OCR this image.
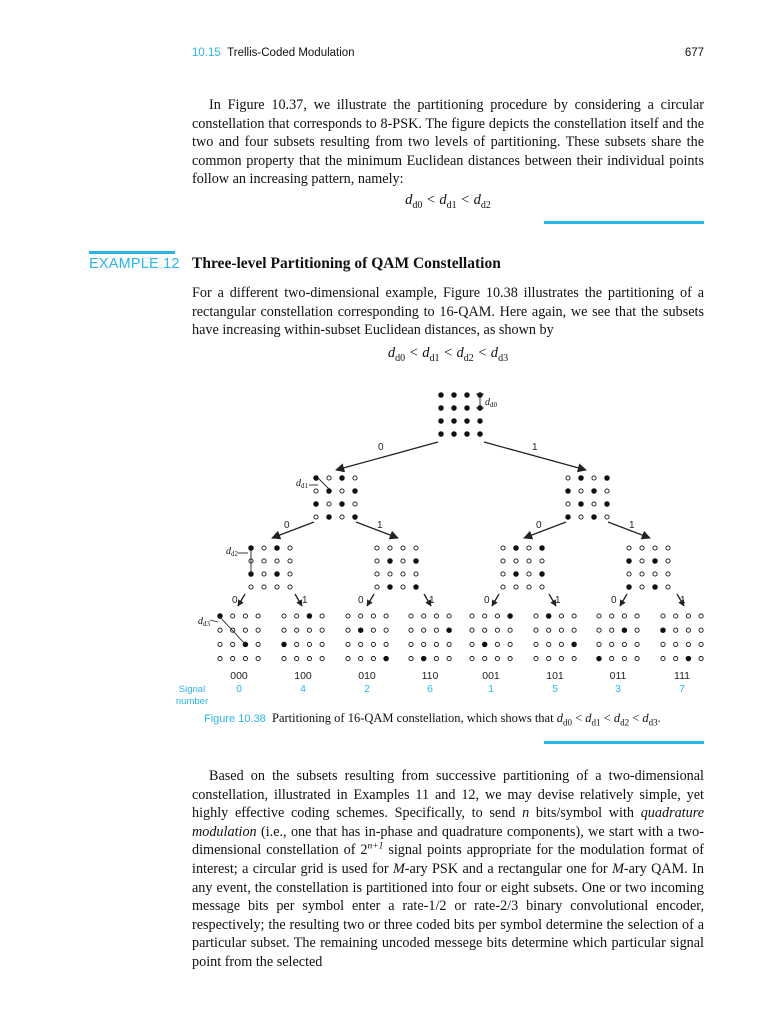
10.15 Trellis-Coded Modulation	677

In Figure 10.37, we illustrate the partitioning procedure by considering a circular constellation that corresponds to 8-PSK. The figure depicts the constellation itself and the two and four subsets resulting from two levels of partitioning. These subsets share the common property that the minimum Euclidean distances between their individual points follow an increasing pattern, namely:

$d_{d0} < d_{d1} < d_{d2}$
EXAMPLE 12 Three-level Partitioning of QAM Constellation

For a different two-dimensional example, Figure 10.38 illustrates the partitioning of a rectangular constellation corresponding to 16-QAM. Here again, we see that the subsets have increasing within-subset Euclidean distances, as shown by

$d_{d0} < d_{d1} < d_{d2} < d_{d3}$
$d_{d0}$
$d_{d1}$
$d_{d2}$
$d_{d3}$
0	1
0	1	0	1
0	1	0	1	0	1	0	1
000	100	010	110	001	101	011	111
0	4	2	6	1	5	3	7
Signal
number
Figure 10.38 Partitioning of 16-QAM constellation, which shows that $d_{d0} < d_{d1} < d_{d2} < d_{d3}$.

Based on the subsets resulting from successive partitioning of a two-dimensional constellation, illustrated in Examples 11 and 12, we may devise relatively simple, yet highly effective coding schemes. Specifically, to send n bits/symbol with quadrature modulation (i.e., one that has in-phase and quadrature components), we start with a two-dimensional constellation of $2^{n+1}$ signal points appropriate for the modulation format of interest; a circular grid is used for M-ary PSK and a rectangular one for M-ary QAM. In any event, the constellation is partitioned into four or eight subsets. One or two incoming message bits per symbol enter a rate-1/2 or rate-2/3 binary convolutional encoder, respectively; the resulting two or three coded bits per symbol determine the selection of a particular subset. The remaining uncoded messege bits determine which particular signal point from the selected
